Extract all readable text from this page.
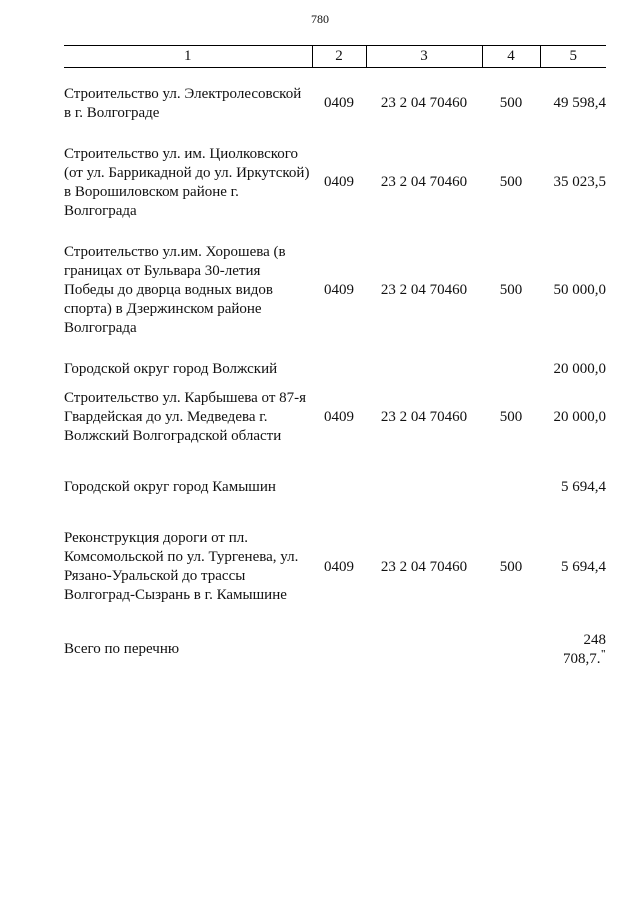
780
1	2	3	4	5

Строительство ул. Электролесовской в г. Волгограде	0409	23 2 04 70460	500	49 598,4

Строительство ул. им. Циолковского (от ул. Баррикадной до ул. Иркутской) в Ворошиловском районе г. Волгограда	0409	23 2 04 70460	500	35 023,5

Строительство ул.им. Хорошева (в границах от Бульвара 30-летия Победы до дворца водных видов спорта) в Дзержинском районе Волгограда	0409	23 2 04 70460	500	50 000,0

Городской округ город Волжский				20 000,0
Строительство ул. Карбышева от 87-я Гвардейская до ул. Медведева г. Волжский Волгоградской области	0409	23 2 04 70460	500	20 000,0

Городской округ город Камышин				5 694,4

Реконструкция дороги от пл. Комсомольской по ул. Тургенева, ул. Рязано-Уральской до трассы Волгоград-Сызрань в г. Камышине	0409	23 2 04 70460	500	5 694,4

Всего по перечню				248 708,7."
